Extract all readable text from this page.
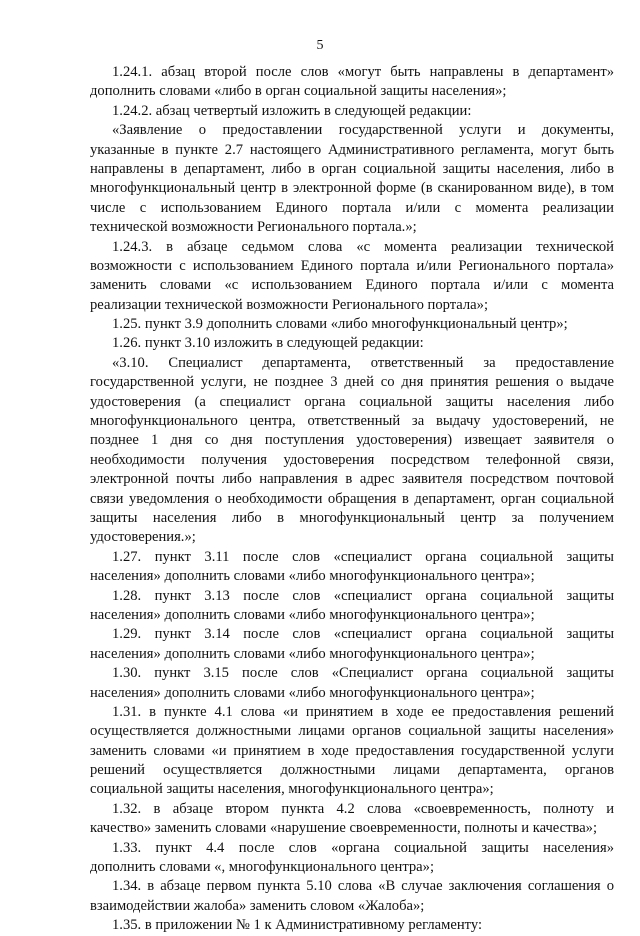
5
1.24.1. абзац второй после слов «могут быть направлены в департамент»
дополнить словами «либо в орган социальной защиты населения»;
1.24.2. абзац четвертый изложить в следующей редакции:
«Заявление о предоставлении государственной услуги и документы,
указанные в пункте 2.7 настоящего Административного регламента, могут быть
направлены в департамент, либо в орган социальной защиты населения, либо в
многофункциональный центр в электронной форме (в сканированном виде), в том
числе с использованием Единого портала и/или с момента реализации
технической возможности Регионального портала.»;
1.24.3. в абзаце седьмом слова «с момента реализации технической
возможности с использованием Единого портала и/или Регионального портала»
заменить словами «с использованием Единого портала и/или с момента
реализации технической возможности Регионального портала»;
1.25. пункт 3.9 дополнить словами «либо многофункциональный центр»;
1.26. пункт 3.10 изложить в следующей редакции:
«3.10. Специалист департамента, ответственный за предоставление
государственной услуги, не позднее 3 дней со дня принятия решения о выдаче
удостоверения (а специалист органа социальной защиты населения либо
многофункционального центра, ответственный за выдачу удостоверений, не
позднее 1 дня со дня поступления удостоверения) извещает заявителя о
необходимости получения удостоверения посредством телефонной связи,
электронной почты либо направления в адрес заявителя посредством почтовой
связи уведомления о необходимости обращения в департамент, орган социальной
защиты населения либо в многофункциональный центр за получением
удостоверения.»;
1.27. пункт 3.11 после слов «специалист органа социальной защиты
населения» дополнить словами «либо многофункционального центра»;
1.28. пункт 3.13 после слов «специалист органа социальной защиты
населения» дополнить словами «либо многофункционального центра»;
1.29. пункт 3.14 после слов «специалист органа социальной защиты
населения» дополнить словами «либо многофункционального центра»;
1.30. пункт 3.15 после слов «Специалист органа социальной защиты
населения» дополнить словами «либо многофункционального центра»;
1.31. в пункте 4.1 слова «и принятием в ходе ее предоставления решений
осуществляется должностными лицами органов социальной защиты населения»
заменить словами «и принятием в ходе предоставления государственной услуги
решений осуществляется должностными лицами департамента, органов
социальной защиты населения, многофункционального центра»;
1.32. в абзаце втором пункта 4.2 слова «своевременность, полноту и
качество» заменить словами «нарушение своевременности, полноты и качества»;
1.33. пункт 4.4 после слов «органа социальной защиты населения»
дополнить словами «, многофункционального центра»;
1.34. в абзаце первом пункта 5.10 слова «В случае заключения соглашения о
взаимодействии жалоба» заменить словом «Жалоба»;
1.35. в приложении № 1 к Административному регламенту:
